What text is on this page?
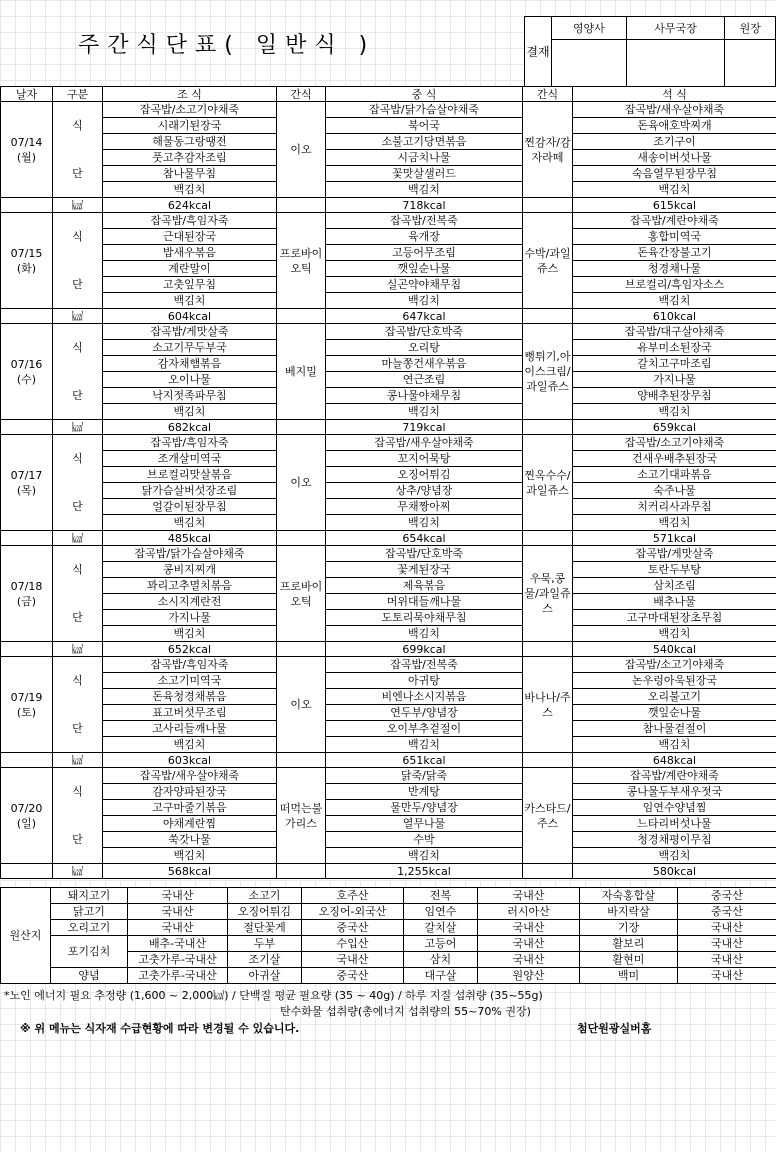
주간식단표( 일반식 )	결재	영양사	사무국장	원장

날자	구분	조 식	간식	중 식	간식	석 식

07/14
(월)		잡곡밥/소고기야채죽	이오	잡곡밥/닭가슴살야채죽	찐감자/감자라떼	잡곡밥/새우살야채죽
	식	시래기된장국		북어국		돈육애호박찌개
		해물동그랑땡전		소불고기당면볶음		조기구이
		풋고추감자조림		시금치나물		새송이버섯나물
	단	참나물무침		꽃맛살샐러드		숙음열무된장무침
		백김치		백김치		백김치
	㎉	624kcal		718kcal		615kcal

07/15
(화)		잡곡밥/흑임자죽	프로바이오틱	잡곡밥/전복죽	수박/과일쥬스	잡곡밥/계란야채죽
	식	근대된장국		육개장		홍합미역국
		밥새우볶음		고등어무조림		돈육간장불고기
		계란말이		깻잎순나물		청경채나물
	단	고춧잎무침		실곤약야채무침		브로컬리/흑임자소스
		백김치		백김치		백김치
	㎉	604kcal		647kcal		610kcal

07/16
(수)		잡곡밥/게맛살죽	베지밀	잡곡밥/단호박죽	뻥튀기,아이스크림/과일쥬스	잡곡밥/대구살야채죽
	식	소고기무두부국		오리탕		유부미소된장국
		감자채햄볶음		마늘쫑건새우볶음		갈치고구마조림
		오이나물		연근조림		가지나물
	단	낙지젓족파무침		콩나물야채무침		양배추된장무침
		백김치		백김치		백김치
	㎉	682kcal		719kcal		659kcal

07/17
(목)		잡곡밥/흑임자죽	이오	잡곡밥/새우살야채죽	찐옥수수/과일쥬스	잡곡밥/소고기야채죽
	식	조개살미역국		꼬지어묵탕		건새우배추된장국
		브로컬리맛살볶음		오징어튀김		소고기대파볶음
		닭가슴살버섯장조림		상추/양념장		숙주나물
	단	얼갈이된장무침		무채짱아찌		치커리사과무침
		백김치		백김치		백김치
	㎉	485kcal		654kcal		571kcal

07/18
(금)		잡곡밥/닭가슴살야채죽	프로바이오틱	잡곡밥/단호박죽	우묵,콩물/과일쥬스	잡곡밥/게맛살죽
	식	콩비지찌개		꽃게된장국		토란두부탕
		꽈리고추멸치볶음		제육볶음		삼치조림
		소시지계란전		머위대들깨나물		배추나물
	단	가지나물		도토리묵야채무침		고구마대된장초무침
		백김치		백김치		백김치
	㎉	652kcal		699kcal		540kcal

07/19
(토)		잡곡밥/흑임자죽	이오	잡곡밥/전복죽	바나나/주스	잡곡밥/소고기야채죽
	식	소고기미역국		아귀탕		논우렁아욱된장국
		돈육청경채볶음		비엔나소시지볶음		오리불고기
		표고버섯무조림		연두부/양념장		깻잎순나물
	단	고사리들깨나물		오이부추겉절이		참나물겉절이
		백김치		백김치		백김치
	㎉	603kcal		651kcal		648kcal

07/20
(일)		잡곡밥/새우살야채죽	떠먹는불가리스	닭죽/닭죽	카스타드/주스	잡곡밥/계란야채죽
	식	감자양파된장국		반계탕		콩나물두부새우젓국
		고구마줄기볶음		물만두/양념장		임연수양념찜
		야채계란찜		열무나물		느타리버섯나물
	단	쑥갓나물		수박		청경채평이무침
		백김치		백김치		백김치
	㎉	568kcal		1,255kcal		580kcal
원산지	돼지고기	국내산	소고기	호주산	전복	국내산	자숙홍합살	중국산
	닭고기	국내산	오징어튀김	오징어-외국산	임연수	러시아산	바지락살	중국산
	오리고기	국내산	절단꽃게	중국산	갈치살	국내산	기장	국내산
	포기김치	배추-국내산	두부	수입산	고등어	국내산	활보리	국내산
		고춧가루-국내산	조기살	국내산	삼치	국내산	활현미	국내산
	양념	고춧가루-국내산	아귀살	중국산	대구살	원양산	백미	국내산
*노인 에너지 필요 추정량 (1,600 ~ 2,000㎉) / 단백질 평균 필요량 (35 ~ 40g) / 하루 지질 섭취량 (35~55g)
탄수화물 섭취량(총에너지 섭취량의 55~70% 권장)
※ 위 메뉴는 식자재 수급현황에 따라 변경될 수 있습니다.	첨단원광실버홈
